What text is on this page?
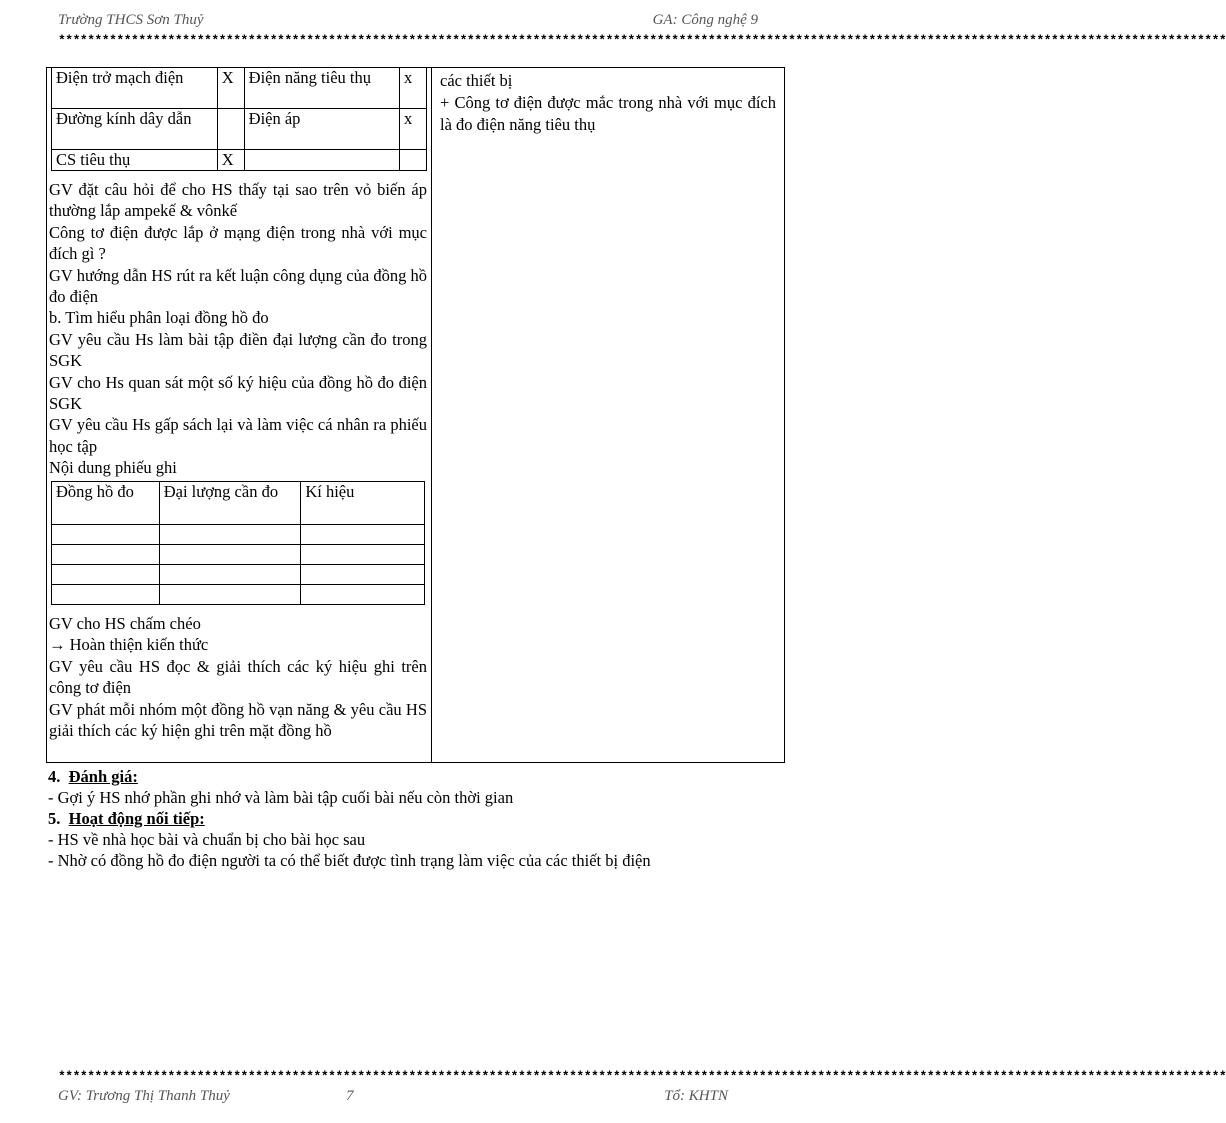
Trường THCS Sơn Thuỷ	GA: Công nghệ 9
****************************************************************************************************************************************************************
Điện trở mạch điện	X	Điện năng tiêu thụ	x
Đường kính dây dẫn		Điện áp	x
CS tiêu thụ	X		
GV đặt câu hỏi để cho HS thấy tại sao trên vỏ biến áp thường lắp ampekế & vônkế
Công tơ điện được lắp ở mạng điện trong nhà với mục đích gì ?
GV hướng dẫn HS rút ra kết luận công dụng của đồng hồ đo điện
b. Tìm hiểu phân loại đồng hồ đo
GV yêu cầu Hs làm bài tập điền đại lượng cần đo trong SGK
GV cho Hs quan sát một số ký hiệu của đồng hồ đo điện SGK
GV yêu cầu Hs gấp sách lại và làm việc cá nhân ra phiếu học tập
Nội dung phiếu ghi
Đồng hồ đo	Đại lượng cần đo	Kí hiệu

GV cho HS chấm chéo
→ Hoàn thiện kiến thức
GV yêu cầu HS đọc & giải thích các ký hiệu ghi trên công tơ điện
GV phát mỗi nhóm một đồng hồ vạn năng & yêu cầu HS giải thích các ký hiện ghi trên mặt đồng hồ
các thiết bị
+ Công tơ điện được mắc trong nhà với mục đích là đo điện năng tiêu thụ
4. Đánh giá:
- Gợi ý HS nhớ phần ghi nhớ và làm bài tập cuối bài nếu còn thời gian
5. Hoạt động nối tiếp:
- HS về nhà học bài và chuẩn bị cho bài học sau
- Nhờ có đồng hồ đo điện người ta có thể biết được tình trạng làm việc của các thiết bị điện
****************************************************************************************************************************************************************
GV: Trương Thị Thanh Thuỷ	7	Tổ: KHTN
